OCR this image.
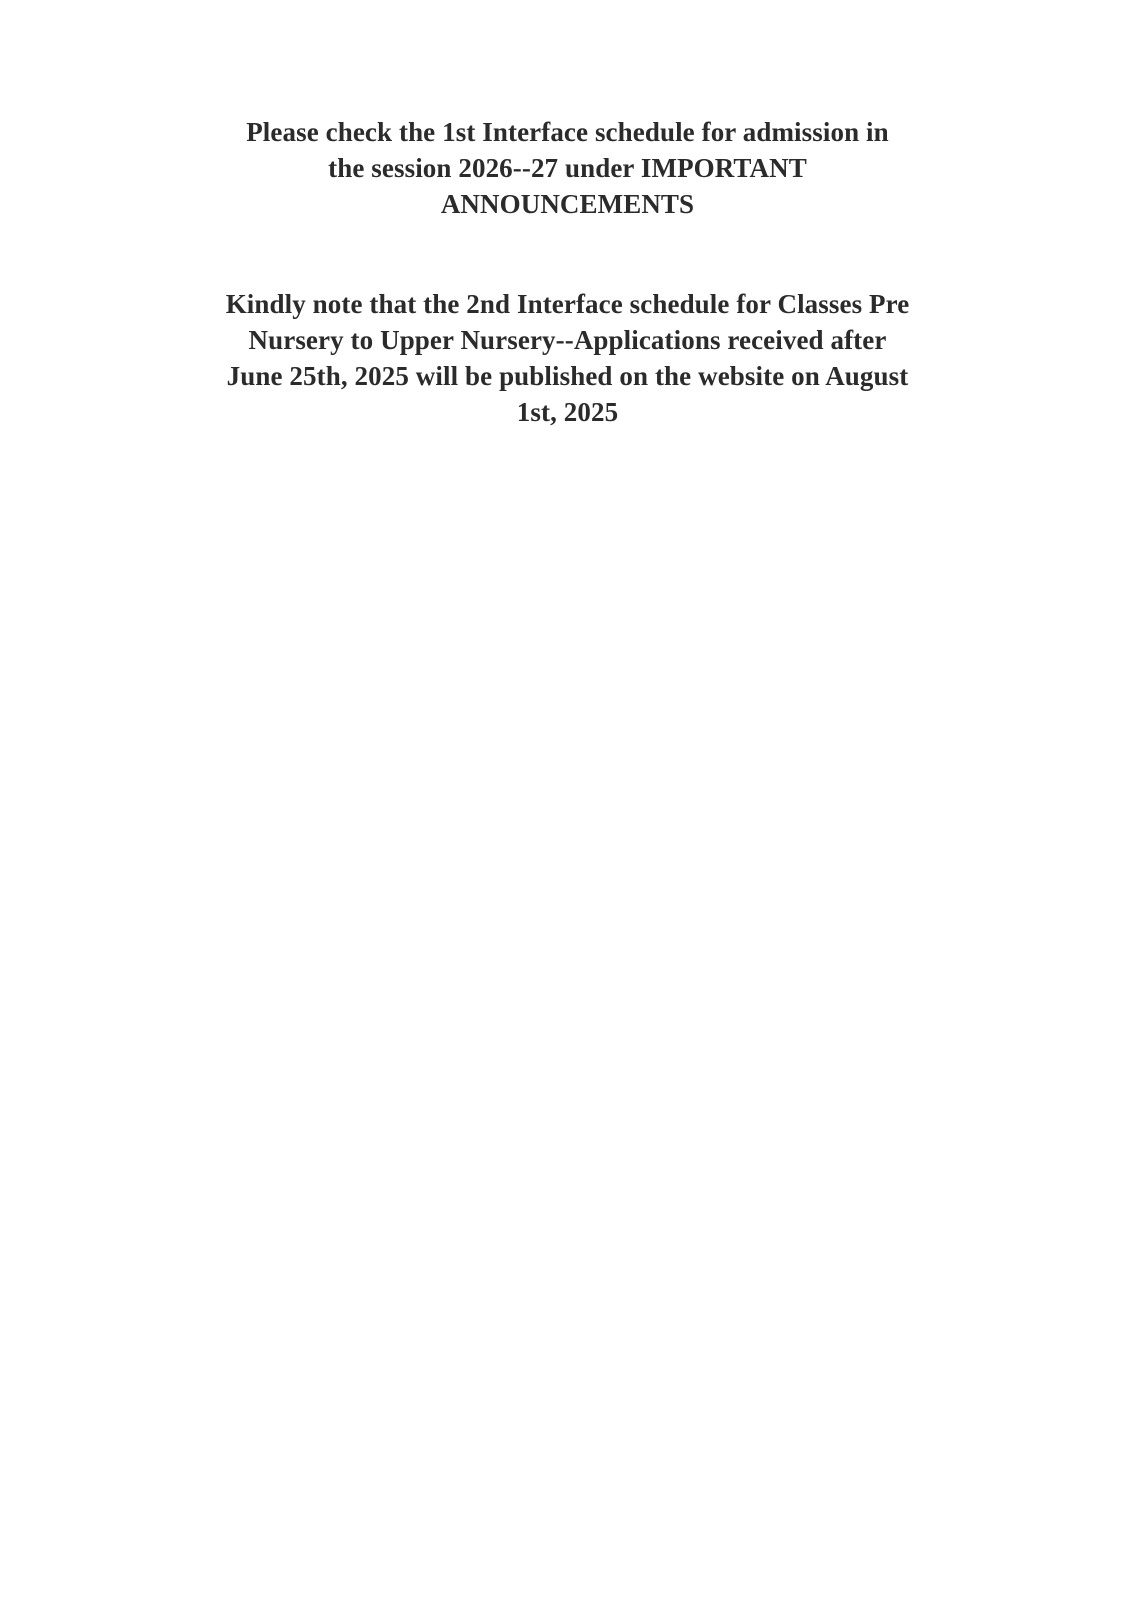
Please check the 1st Interface schedule for admission in
the session 2026--27 under IMPORTANT
ANNOUNCEMENTS

Kindly note that the 2nd Interface schedule for Classes Pre
Nursery to Upper Nursery--Applications received after
June 25th, 2025 will be published on the website on August
1st, 2025
